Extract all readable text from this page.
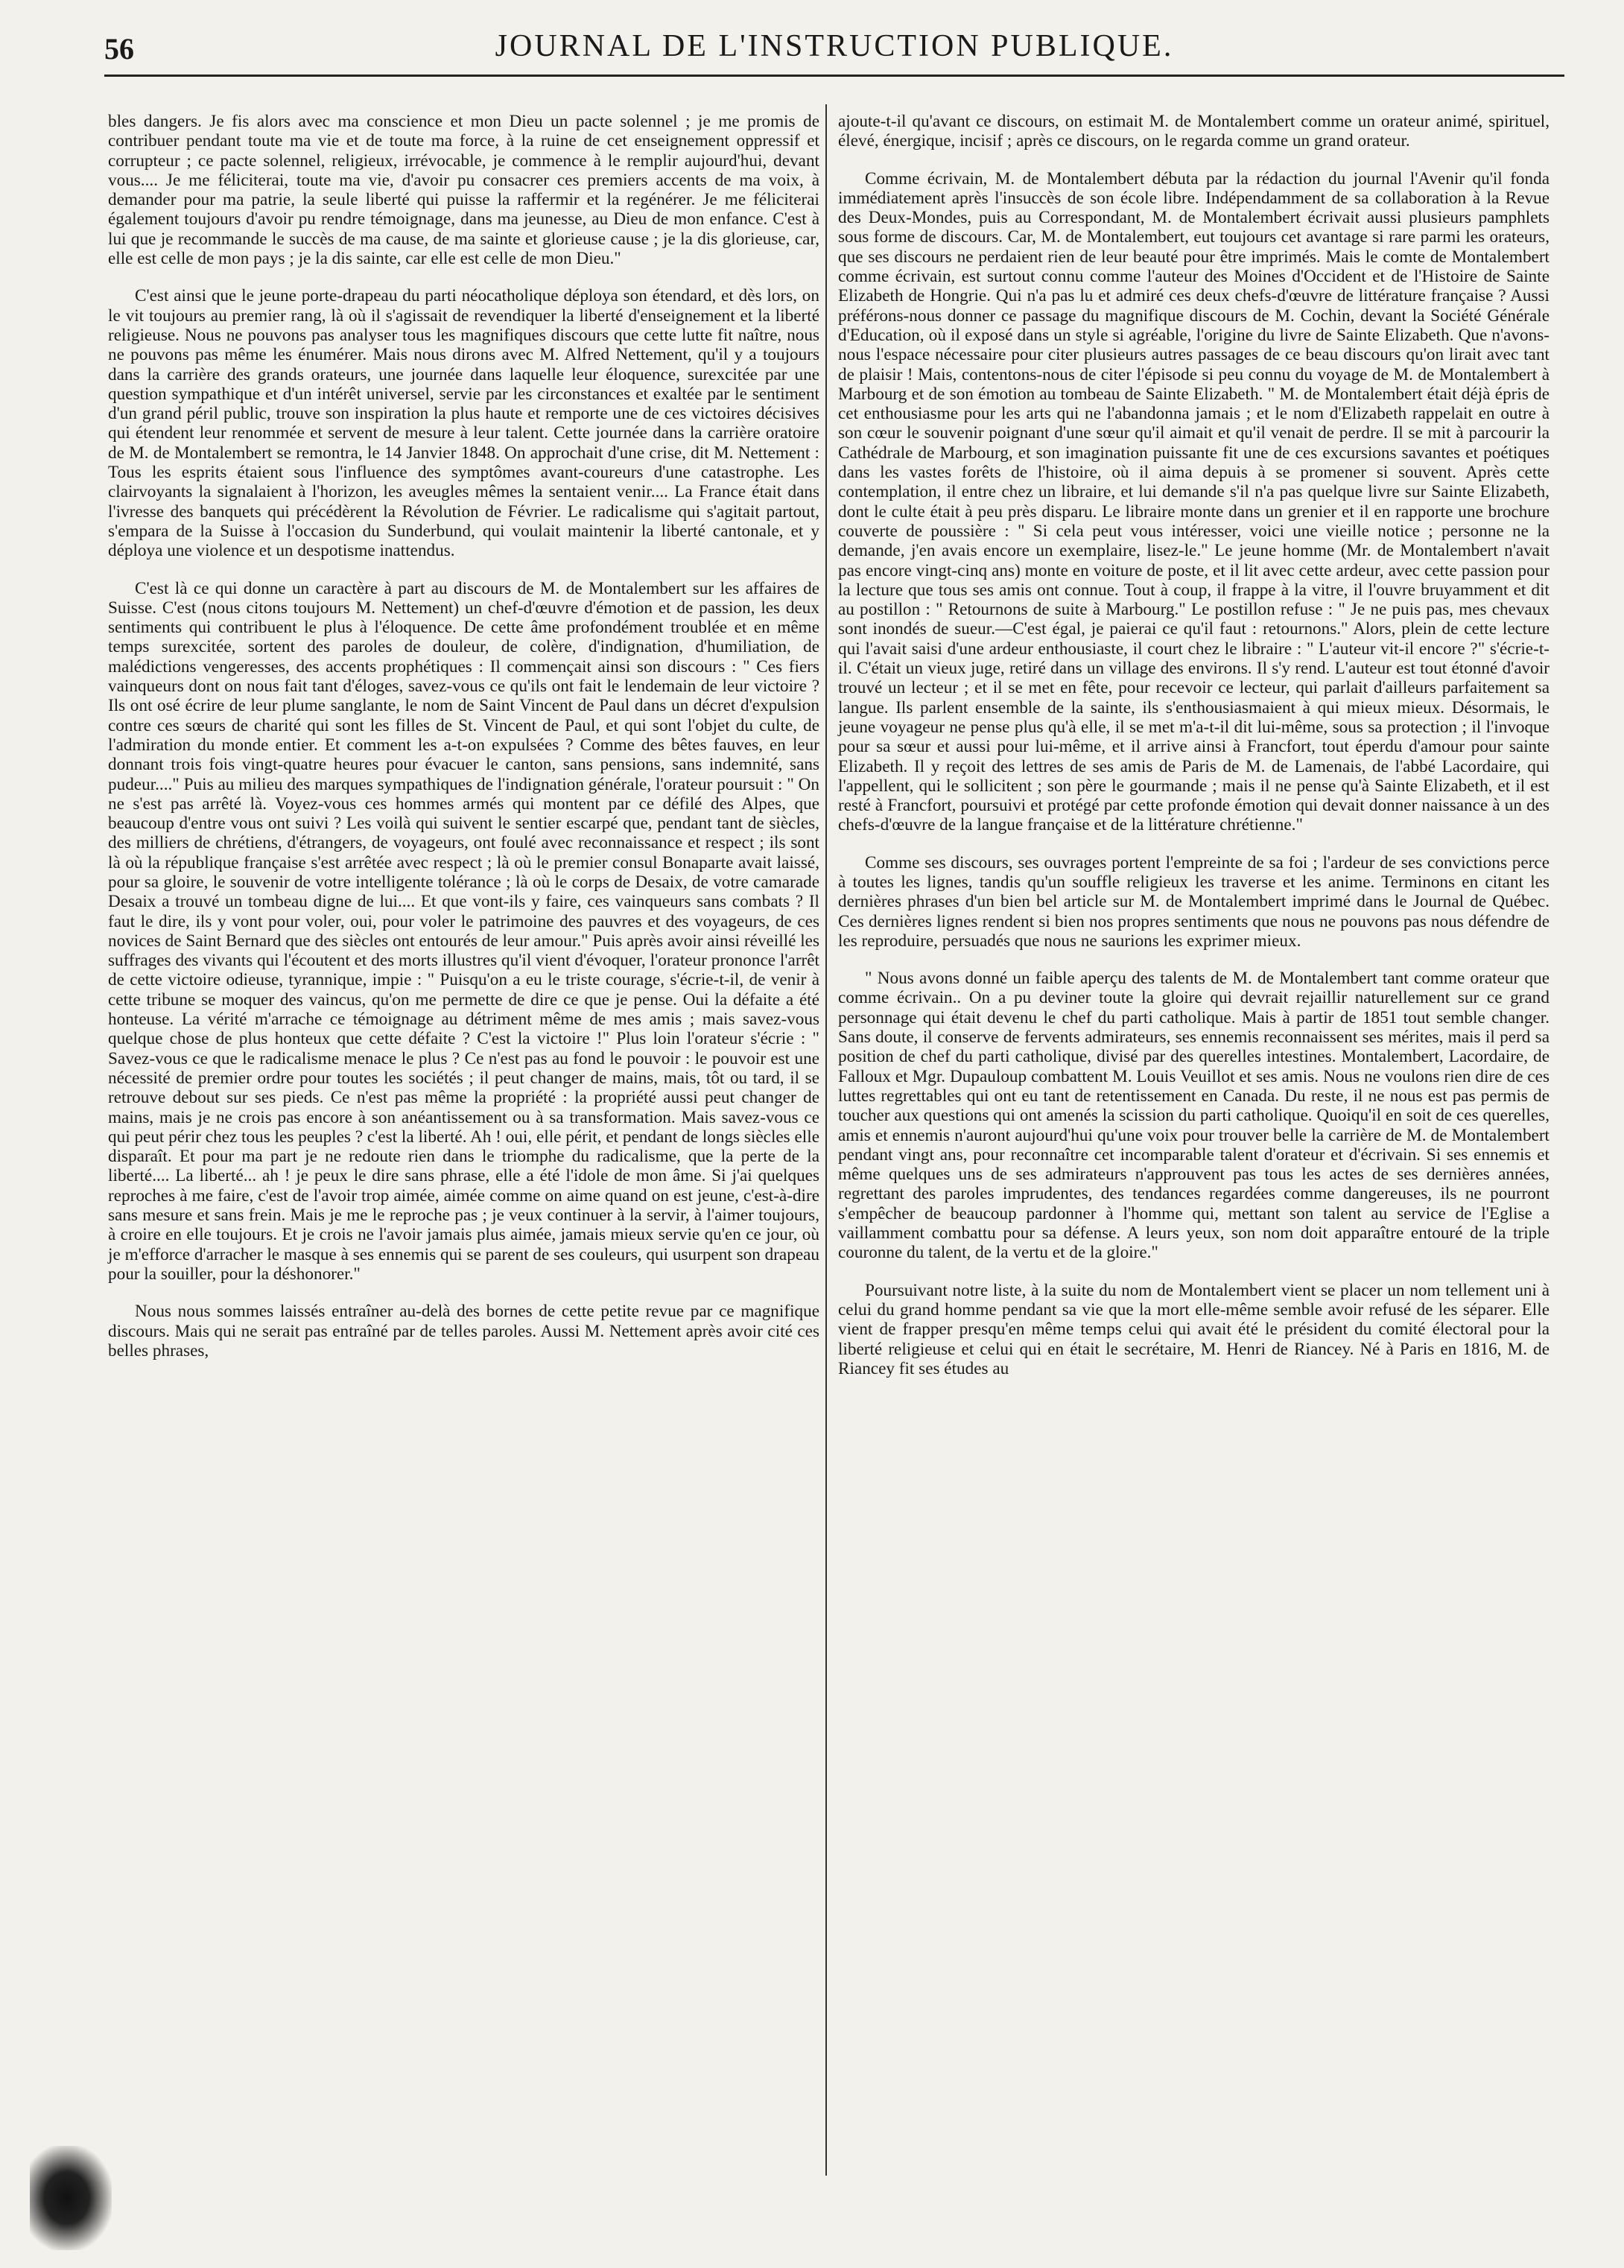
56	JOURNAL DE L'INSTRUCTION PUBLIQUE.

bles dangers. Je fis alors avec ma conscience et mon Dieu un pacte solennel ; je me promis de contribuer pendant toute ma vie et de toute ma force, à la ruine de cet enseignement oppressif et corrupteur ; ce pacte solennel, religieux, irrévocable, je commence à le remplir aujourd'hui, devant vous.... Je me féliciterai, toute ma vie, d'avoir pu consacrer ces premiers accents de ma voix, à demander pour ma patrie, la seule liberté qui puisse la raffermir et la regénérer. Je me féliciterai également toujours d'avoir pu rendre témoignage, dans ma jeunesse, au Dieu de mon enfance. C'est à lui que je recommande le succès de ma cause, de ma sainte et glorieuse cause ; je la dis glorieuse, car, elle est celle de mon pays ; je la dis sainte, car elle est celle de mon Dieu."

C'est ainsi que le jeune porte-drapeau du parti néocatholique déploya son étendard, et dès lors, on le vit toujours au premier rang, là où il s'agissait de revendiquer la liberté d'enseignement et la liberté religieuse. Nous ne pouvons pas analyser tous les magnifiques discours que cette lutte fit naître, nous ne pouvons pas même les énumérer. Mais nous dirons avec M. Alfred Nettement, qu'il y a toujours dans la carrière des grands orateurs, une journée dans laquelle leur éloquence, surexcitée par une question sympathique et d'un intérêt universel, servie par les circonstances et exaltée par le sentiment d'un grand péril public, trouve son inspiration la plus haute et remporte une de ces victoires décisives qui étendent leur renommée et servent de mesure à leur talent. Cette journée dans la carrière oratoire de M. de Montalembert se remontra, le 14 Janvier 1848. On approchait d'une crise, dit M. Nettement : Tous les esprits étaient sous l'influence des symptômes avant-coureurs d'une catastrophe. Les clairvoyants la signalaient à l'horizon, les aveugles mêmes la sentaient venir.... La France était dans l'ivresse des banquets qui précédèrent la Révolution de Février. Le radicalisme qui s'agitait partout, s'empara de la Suisse à l'occasion du Sunderbund, qui voulait maintenir la liberté cantonale, et y déploya une violence et un despotisme inattendus.

C'est là ce qui donne un caractère à part au discours de M. de Montalembert sur les affaires de Suisse. C'est (nous citons toujours M. Nettement) un chef-d'œuvre d'émotion et de passion, les deux sentiments qui contribuent le plus à l'éloquence. De cette âme profondément troublée et en même temps surexcitée, sortent des paroles de douleur, de colère, d'indignation, d'humiliation, de malédictions vengeresses, des accents prophétiques : Il commençait ainsi son discours : " Ces fiers vainqueurs dont on nous fait tant d'éloges, savez-vous ce qu'ils ont fait le lendemain de leur victoire ? Ils ont osé écrire de leur plume sanglante, le nom de Saint Vincent de Paul dans un décret d'expulsion contre ces sœurs de charité qui sont les filles de St. Vincent de Paul, et qui sont l'objet du culte, de l'admiration du monde entier. Et comment les a-t-on expulsées ? Comme des bêtes fauves, en leur donnant trois fois vingt-quatre heures pour évacuer le canton, sans pensions, sans indemnité, sans pudeur...." Puis au milieu des marques sympathiques de l'indignation générale, l'orateur poursuit : " On ne s'est pas arrêté là. Voyez-vous ces hommes armés qui montent par ce défilé des Alpes, que beaucoup d'entre vous ont suivi ? Les voilà qui suivent le sentier escarpé que, pendant tant de siècles, des milliers de chrétiens, d'étrangers, de voyageurs, ont foulé avec reconnaissance et respect ; ils sont là où la république française s'est arrêtée avec respect ; là où le premier consul Bonaparte avait laissé, pour sa gloire, le souvenir de votre intelligente tolérance ; là où le corps de Desaix, de votre camarade Desaix a trouvé un tombeau digne de lui.... Et que vont-ils y faire, ces vainqueurs sans combats ? Il faut le dire, ils y vont pour voler, oui, pour voler le patrimoine des pauvres et des voyageurs, de ces novices de Saint Bernard que des siècles ont entourés de leur amour." Puis après avoir ainsi réveillé les suffrages des vivants qui l'écoutent et des morts illustres qu'il vient d'évoquer, l'orateur prononce l'arrêt de cette victoire odieuse, tyrannique, impie : " Puisqu'on a eu le triste courage, s'écrie-t-il, de venir à cette tribune se moquer des vaincus, qu'on me permette de dire ce que je pense. Oui la défaite a été honteuse. La vérité m'arrache ce témoignage au détriment même de mes amis ; mais savez-vous quelque chose de plus honteux que cette défaite ? C'est la victoire !" Plus loin l'orateur s'écrie : " Savez-vous ce que le radicalisme menace le plus ? Ce n'est pas au fond le pouvoir : le pouvoir est une nécessité de premier ordre pour toutes les sociétés ; il peut changer de mains, mais, tôt ou tard, il se retrouve debout sur ses pieds. Ce n'est pas même la propriété : la propriété aussi peut changer de mains, mais je ne crois pas encore à son anéantissement ou à sa transformation. Mais savez-vous ce qui peut périr chez tous les peuples ? c'est la liberté. Ah ! oui, elle périt, et pendant de longs siècles elle disparaît. Et pour ma part je ne redoute rien dans le triomphe du radicalisme, que la perte de la liberté.... La liberté... ah ! je peux le dire sans phrase, elle a été l'idole de mon âme. Si j'ai quelques reproches à me faire, c'est de l'avoir trop aimée, aimée comme on aime quand on est jeune, c'est-à-dire sans mesure et sans frein. Mais je me le reproche pas ; je veux continuer à la servir, à l'aimer toujours, à croire en elle toujours. Et je crois ne l'avoir jamais plus aimée, jamais mieux servie qu'en ce jour, où je m'efforce d'arracher le masque à ses ennemis qui se parent de ses couleurs, qui usurpent son drapeau pour la souiller, pour la déshonorer."

Nous nous sommes laissés entraîner au-delà des bornes de cette petite revue par ce magnifique discours. Mais qui ne serait pas entraîné par de telles paroles. Aussi M. Nettement après avoir cité ces belles phrases,

ajoute-t-il qu'avant ce discours, on estimait M. de Montalembert comme un orateur animé, spirituel, élevé, énergique, incisif ; après ce discours, on le regarda comme un grand orateur.

Comme écrivain, M. de Montalembert débuta par la rédaction du journal l'Avenir qu'il fonda immédiatement après l'insuccès de son école libre. Indépendamment de sa collaboration à la Revue des Deux-Mondes, puis au Correspondant, M. de Montalembert écrivait aussi plusieurs pamphlets sous forme de discours. Car, M. de Montalembert, eut toujours cet avantage si rare parmi les orateurs, que ses discours ne perdaient rien de leur beauté pour être imprimés. Mais le comte de Montalembert comme écrivain, est surtout connu comme l'auteur des Moines d'Occident et de l'Histoire de Sainte Elizabeth de Hongrie. Qui n'a pas lu et admiré ces deux chefs-d'œuvre de littérature française ? Aussi préférons-nous donner ce passage du magnifique discours de M. Cochin, devant la Société Générale d'Education, où il exposé dans un style si agréable, l'origine du livre de Sainte Elizabeth. Que n'avons-nous l'espace nécessaire pour citer plusieurs autres passages de ce beau discours qu'on lirait avec tant de plaisir ! Mais, contentons-nous de citer l'épisode si peu connu du voyage de M. de Montalembert à Marbourg et de son émotion au tombeau de Sainte Elizabeth. " M. de Montalembert était déjà épris de cet enthousiasme pour les arts qui ne l'abandonna jamais ; et le nom d'Elizabeth rappelait en outre à son cœur le souvenir poignant d'une sœur qu'il aimait et qu'il venait de perdre. Il se mit à parcourir la Cathédrale de Marbourg, et son imagination puissante fit une de ces excursions savantes et poétiques dans les vastes forêts de l'histoire, où il aima depuis à se promener si souvent. Après cette contemplation, il entre chez un libraire, et lui demande s'il n'a pas quelque livre sur Sainte Elizabeth, dont le culte était à peu près disparu. Le libraire monte dans un grenier et il en rapporte une brochure couverte de poussière : " Si cela peut vous intéresser, voici une vieille notice ; personne ne la demande, j'en avais encore un exemplaire, lisez-le." Le jeune homme (Mr. de Montalembert n'avait pas encore vingt-cinq ans) monte en voiture de poste, et il lit avec cette ardeur, avec cette passion pour la lecture que tous ses amis ont connue. Tout à coup, il frappe à la vitre, il l'ouvre bruyamment et dit au postillon : " Retournons de suite à Marbourg." Le postillon refuse : " Je ne puis pas, mes chevaux sont inondés de sueur.—C'est égal, je paierai ce qu'il faut : retournons." Alors, plein de cette lecture qui l'avait saisi d'une ardeur enthousiaste, il court chez le libraire : " L'auteur vit-il encore ?" s'écrie-t-il. C'était un vieux juge, retiré dans un village des environs. Il s'y rend. L'auteur est tout étonné d'avoir trouvé un lecteur ; et il se met en fête, pour recevoir ce lecteur, qui parlait d'ailleurs parfaitement sa langue. Ils parlent ensemble de la sainte, ils s'enthousiasmaient à qui mieux mieux. Désormais, le jeune voyageur ne pense plus qu'à elle, il se met m'a-t-il dit lui-même, sous sa protection ; il l'invoque pour sa sœur et aussi pour lui-même, et il arrive ainsi à Francfort, tout éperdu d'amour pour sainte Elizabeth. Il y reçoit des lettres de ses amis de Paris de M. de Lamenais, de l'abbé Lacordaire, qui l'appellent, qui le sollicitent ; son père le gourmande ; mais il ne pense qu'à Sainte Elizabeth, et il est resté à Francfort, poursuivi et protégé par cette profonde émotion qui devait donner naissance à un des chefs-d'œuvre de la langue française et de la littérature chrétienne."

Comme ses discours, ses ouvrages portent l'empreinte de sa foi ; l'ardeur de ses convictions perce à toutes les lignes, tandis qu'un souffle religieux les traverse et les anime. Terminons en citant les dernières phrases d'un bien bel article sur M. de Montalembert imprimé dans le Journal de Québec. Ces dernières lignes rendent si bien nos propres sentiments que nous ne pouvons pas nous défendre de les reproduire, persuadés que nous ne saurions les exprimer mieux.

" Nous avons donné un faible aperçu des talents de M. de Montalembert tant comme orateur que comme écrivain.. On a pu deviner toute la gloire qui devrait rejaillir naturellement sur ce grand personnage qui était devenu le chef du parti catholique. Mais à partir de 1851 tout semble changer. Sans doute, il conserve de fervents admirateurs, ses ennemis reconnaissent ses mérites, mais il perd sa position de chef du parti catholique, divisé par des querelles intestines. Montalembert, Lacordaire, de Falloux et Mgr. Dupauloup combattent M. Louis Veuillot et ses amis. Nous ne voulons rien dire de ces luttes regrettables qui ont eu tant de retentissement en Canada. Du reste, il ne nous est pas permis de toucher aux questions qui ont amenés la scission du parti catholique. Quoiqu'il en soit de ces querelles, amis et ennemis n'auront aujourd'hui qu'une voix pour trouver belle la carrière de M. de Montalembert pendant vingt ans, pour reconnaître cet incomparable talent d'orateur et d'écrivain. Si ses ennemis et même quelques uns de ses admirateurs n'approuvent pas tous les actes de ses dernières années, regrettant des paroles imprudentes, des tendances regardées comme dangereuses, ils ne pourront s'empêcher de beaucoup pardonner à l'homme qui, mettant son talent au service de l'Eglise a vaillamment combattu pour sa défense. A leurs yeux, son nom doit apparaître entouré de la triple couronne du talent, de la vertu et de la gloire."

Poursuivant notre liste, à la suite du nom de Montalembert vient se placer un nom tellement uni à celui du grand homme pendant sa vie que la mort elle-même semble avoir refusé de les séparer. Elle vient de frapper presqu'en même temps celui qui avait été le président du comité électoral pour la liberté religieuse et celui qui en était le secrétaire, M. Henri de Riancey. Né à Paris en 1816, M. de Riancey fit ses études au
